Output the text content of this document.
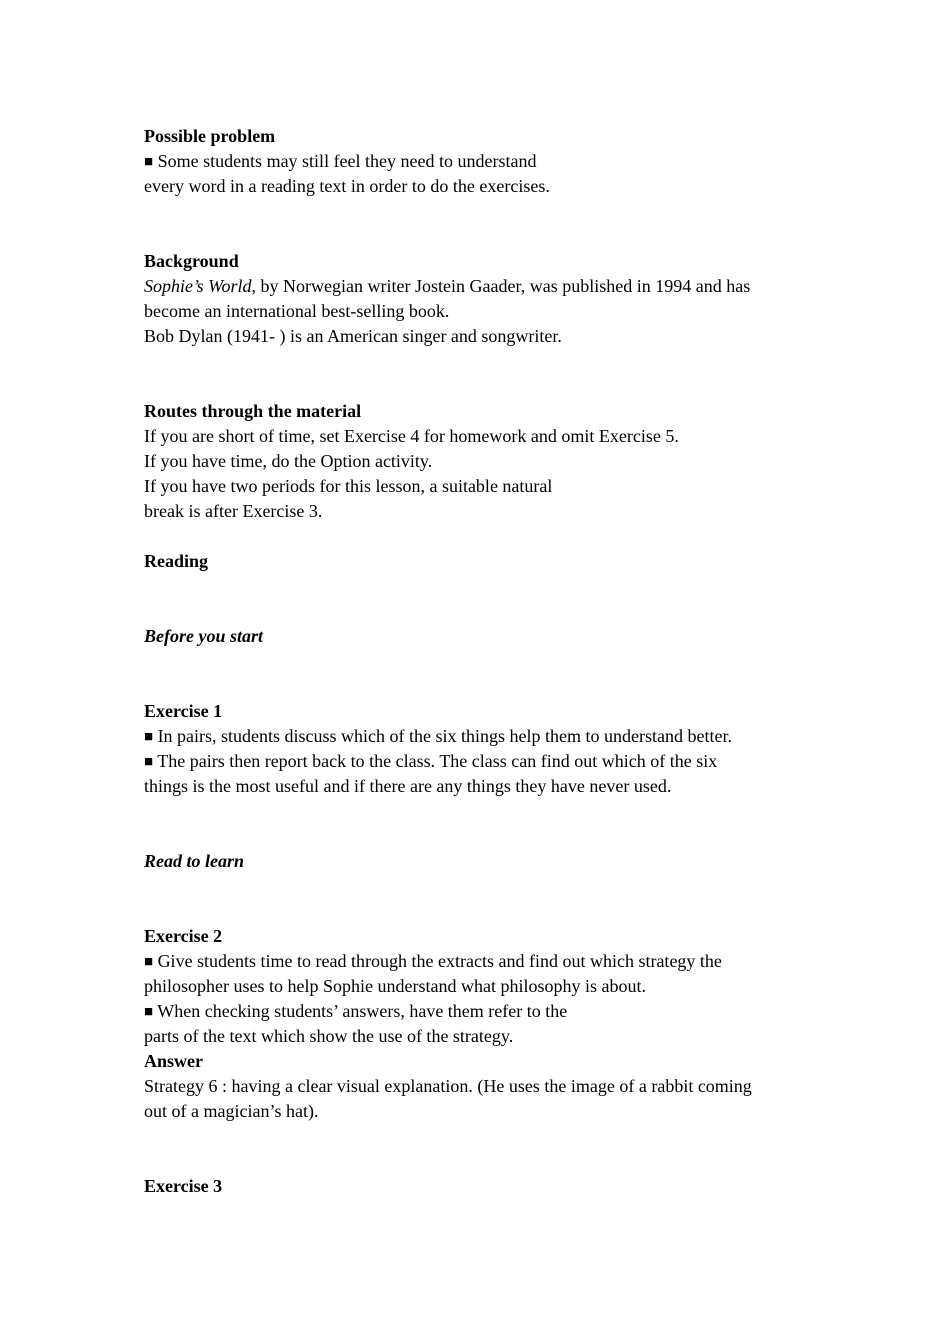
Possible problem
■ Some students may still feel they need to understand
every word in a reading text in order to do the exercises.
Background
Sophie’s World, by Norwegian writer Jostein Gaader, was published in 1994 and has
become an international best-selling book.
Bob Dylan (1941- ) is an American singer and songwriter.
Routes through the material
If you are short of time, set Exercise 4 for homework and omit Exercise 5.
If you have time, do the Option activity.
If you have two periods for this lesson, a suitable natural
break is after Exercise 3.
Reading
Before you start
Exercise 1
■ In pairs, students discuss which of the six things help them to understand better.
■ The pairs then report back to the class. The class can find out which of the six
things is the most useful and if there are any things they have never used.
Read to learn
Exercise 2
■ Give students time to read through the extracts and find out which strategy the
philosopher uses to help Sophie understand what philosophy is about.
■ When checking students’ answers, have them refer to the
parts of the text which show the use of the strategy.
Answer
Strategy 6 : having a clear visual explanation. (He uses the image of a rabbit coming
out of a magician’s hat).
Exercise 3
